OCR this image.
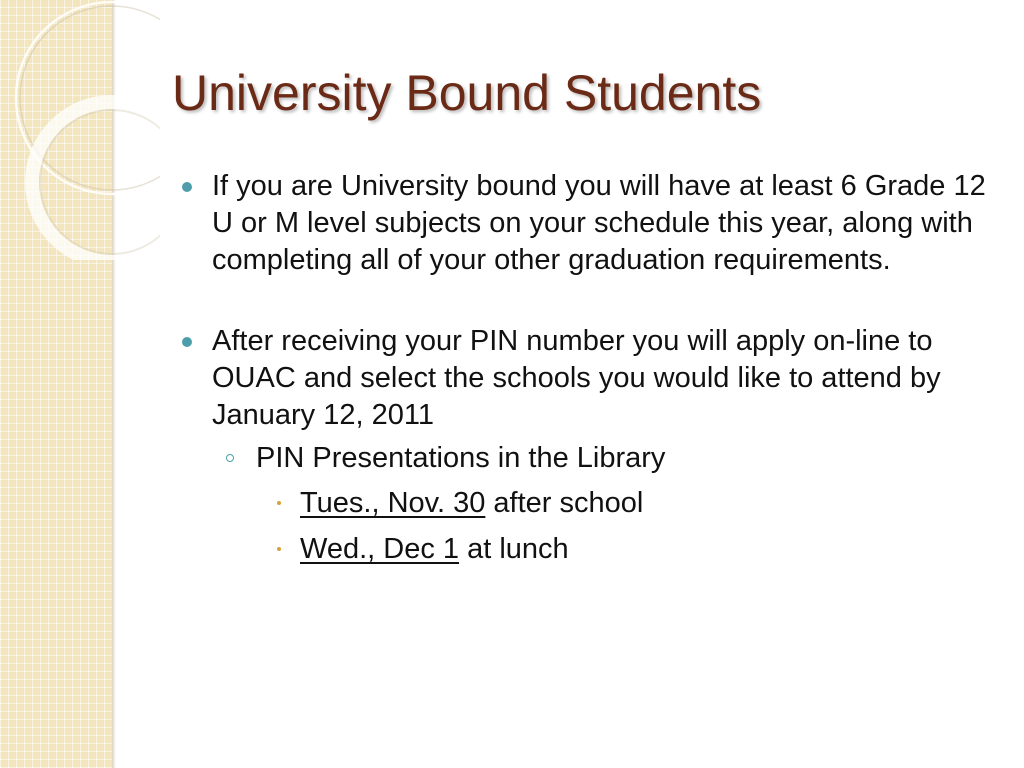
University Bound Students
If you are University bound you will have at least 6 Grade 12 U or M level subjects on your schedule this year, along with completing all of your other graduation requirements.
After receiving your PIN number you will apply on-line to OUAC and select the schools you would like to attend by January 12, 2011
PIN Presentations in the Library
Tues., Nov. 30 after school
Wed., Dec 1 at lunch
